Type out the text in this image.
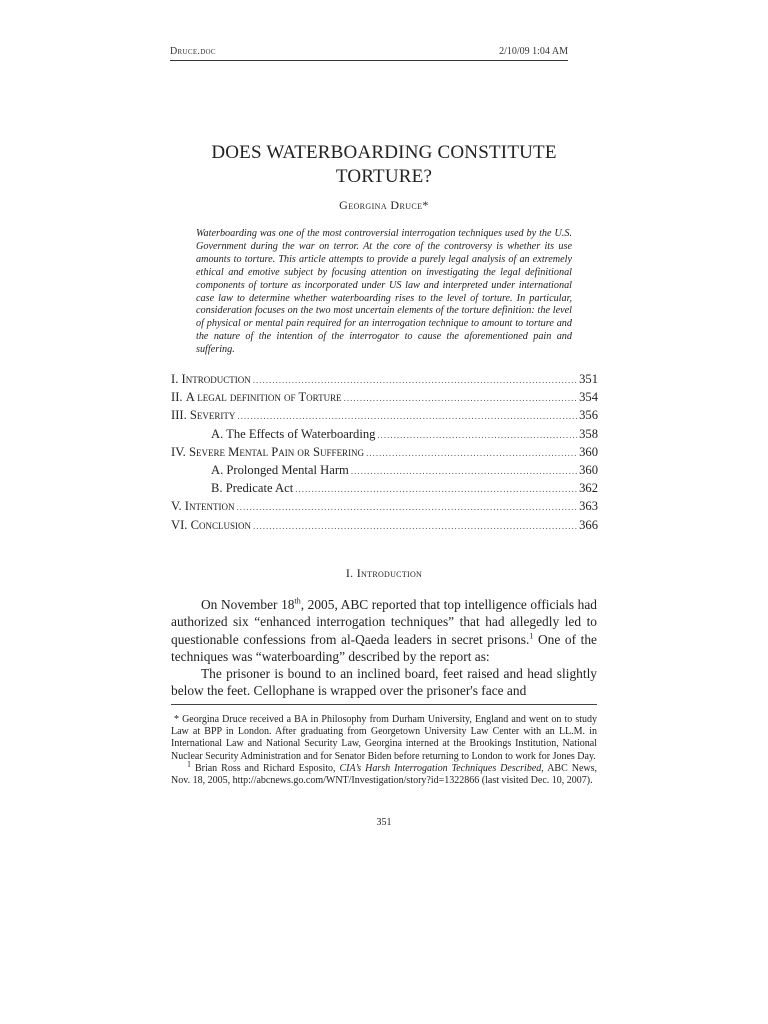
Druce.doc	2/10/09 1:04 AM
DOES WATERBOARDING CONSTITUTE TORTURE?
Georgina Druce*
Waterboarding was one of the most controversial interrogation techniques used by the U.S. Government during the war on terror. At the core of the controversy is whether its use amounts to torture. This article attempts to provide a purely legal analysis of an extremely ethical and emotive subject by focusing attention on investigating the legal definitional components of torture as incorporated under US law and interpreted under international case law to determine whether waterboarding rises to the level of torture. In particular, consideration focuses on the two most uncertain elements of the torture definition: the level of physical or mental pain required for an interrogation technique to amount to torture and the nature of the intention of the interrogator to cause the aforementioned pain and suffering.
I. Introduction .....	351
II. A legal definition of Torture .....	354
III. Severity .....	356
A. The Effects of Waterboarding .....	358
IV. Severe Mental Pain or Suffering .....	360
A. Prolonged Mental Harm .....	360
B. Predicate Act .....	362
V. Intention .....	363
VI. Conclusion .....	366
I. Introduction

On November 18th, 2005, ABC reported that top intelligence officials had authorized six “enhanced interrogation techniques” that had allegedly led to questionable confessions from al-Qaeda leaders in secret prisons.$^1$ One of the techniques was “waterboarding” described by the report as:

The prisoner is bound to an inclined board, feet raised and head slightly below the feet. Cellophane is wrapped over the prisoner's face and

* Georgina Druce received a BA in Philosophy from Durham University, England and went on to study Law at BPP in London. After graduating from Georgetown University Law Center with an LL.M. in International Law and National Security Law, Georgina interned at the Brookings Institution, National Nuclear Security Administration and for Senator Biden before returning to London to work for Jones Day.

$^1$ Brian Ross and Richard Esposito, CIA’s Harsh Interrogation Techniques Described, ABC News, Nov. 18, 2005, http://abcnews.go.com/WNT/Investigation/story?id=1322866 (last visited Dec. 10, 2007).

351
